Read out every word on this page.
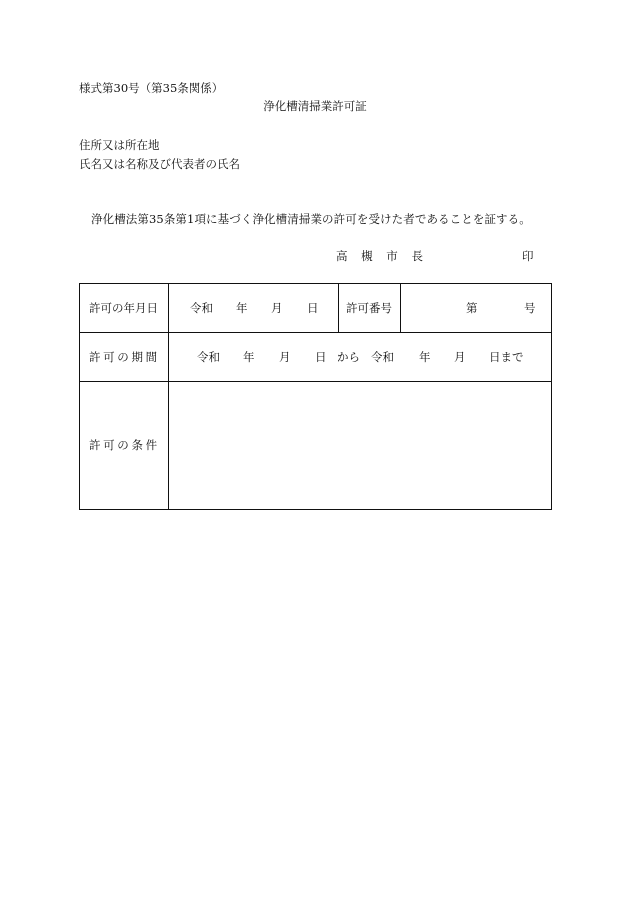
様式第30号（第35条関係）
浄化槽清掃業許可証
住所又は所在地
氏名又は名称及び代表者の氏名
浄化槽法第35条第1項に基づく浄化槽清掃業の許可を受けた者であることを証する。
高 槻 市 長	印
許可の年月日	令和 年 月 日 許可番号	第	号
許 可 の 期 間	令和 年 月 日 から 令和 年 月 日まで
許 可 の 条 件
